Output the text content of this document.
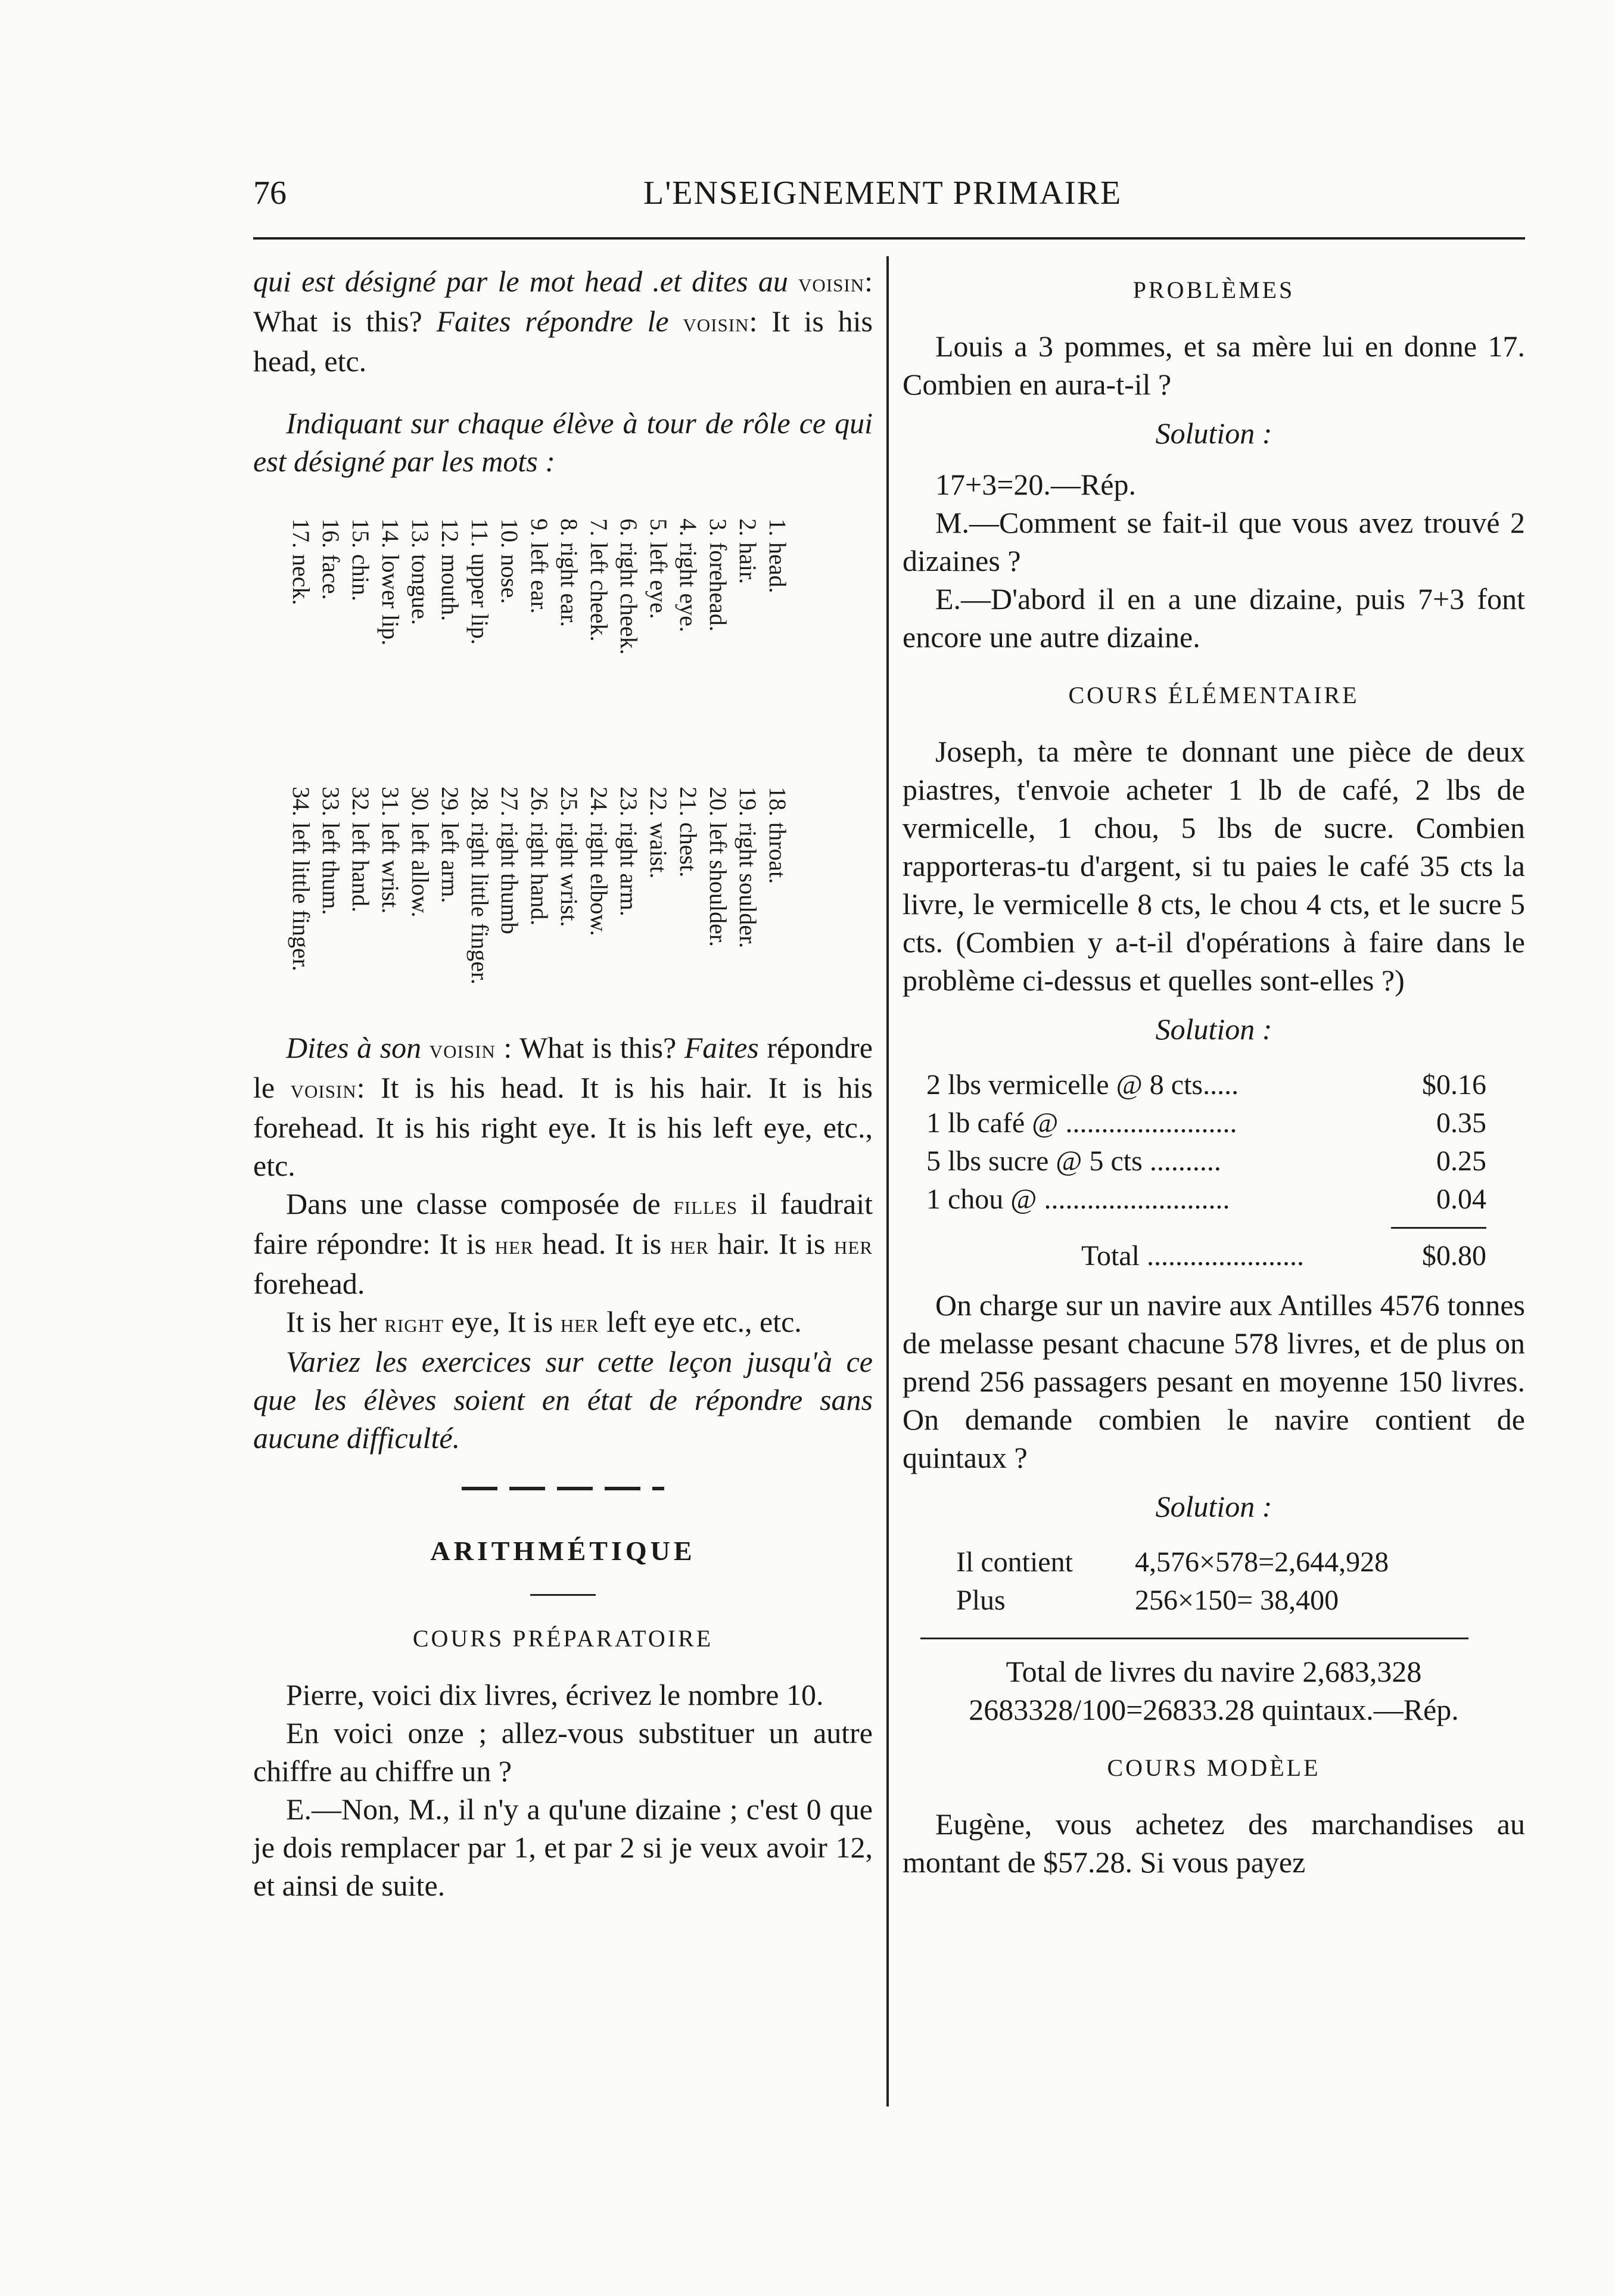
76	L'ENSEIGNEMENT PRIMAIRE

qui est désigné par le mot head .et dites au voisin: What is this? Faites répondre le voisin: It is his head, etc.

Indiquant sur chaque élève à tour de rôle ce qui est désigné par les mots :

Dites à son voisin : What is this? Faites répondre le voisin: It is his head. It is his hair. It is his forehead. It is his right eye. It is his left eye, etc., etc.

Dans une classe composée de filles il faudrait faire répondre: It is her head. It is her hair. It is her forehead.

It is her right eye, It is her left eye etc., etc.

Variez les exercices sur cette leçon jusqu'à ce que les élèves soient en état de répondre sans aucune difficulté.

ARITHMÉTIQUE
COURS PRÉPARATOIRE

Pierre, voici dix livres, écrivez le nombre 10.

En voici onze ; allez-vous substituer un autre chiffre au chiffre un ?

E.—Non, M., il n'y a qu'une dizaine ; c'est 0 que je dois remplacer par 1, et par 2 si je veux avoir 12, et ainsi de suite.

1. head.
2. hair.
3. forehead.
4. right eye.
5. left eye.
6. right cheek.
7. left cheek.
8. right ear.
9. left ear.
10. nose.
11. upper lip.
12. mouth.
13. tongue.
14. lower lip.
15. chin.
16. face.
17. neck.
18. throat.
19. right soulder.
20. left shoulder.
21. chest.
22. waist.
23. right arm.
24. right elbow.
25. right wrist.
26. right hand.
27. right thumb
28. right little finger.
29. left arm.
30. left allow.
31. left wrist.
32. left hand.
33. left thum.
34. left little finger.
PROBLÈMES

Louis a 3 pommes, et sa mère lui en donne 17. Combien en aura-t-il ?

Solution :

17+3=20.—Rép.

M.—Comment se fait-il que vous avez trouvé 2 dizaines ?

E.—D'abord il en a une dizaine, puis 7+3 font encore une autre dizaine.

COURS ÉLÉMENTAIRE

Joseph, ta mère te donnant une pièce de deux piastres, t'envoie acheter 1 lb de café, 2 lbs de vermicelle, 1 chou, 5 lbs de sucre. Combien rapporteras-tu d'argent, si tu paies le café 35 cts la livre, le vermicelle 8 cts, le chou 4 cts, et le sucre 5 cts. (Combien y a-t-il d'opérations à faire dans le problème ci-dessus et quelles sont-elles ?)

Solution :
2 lbs vermicelle @ 8 cts.....	$0.16
1 lb café @ ........................	0.35
5 lbs sucre @ 5 cts ..........	0.25
1 chou @ ..........................	0.04
Total ......................	$0.80

On charge sur un navire aux Antilles 4576 tonnes de melasse pesant chacune 578 livres, et de plus on prend 256 passagers pesant en moyenne 150 livres. On demande combien le navire contient de quintaux ?

Solution :
Il contient	4,576×578=2,644,928
Plus	256×150= 38,400
Total de livres du navire 2,683,328
2683328/100=26833.28 quintaux.—Rép.
COURS MODÈLE

Eugène, vous achetez des marchandises au montant de $57.28. Si vous payez
